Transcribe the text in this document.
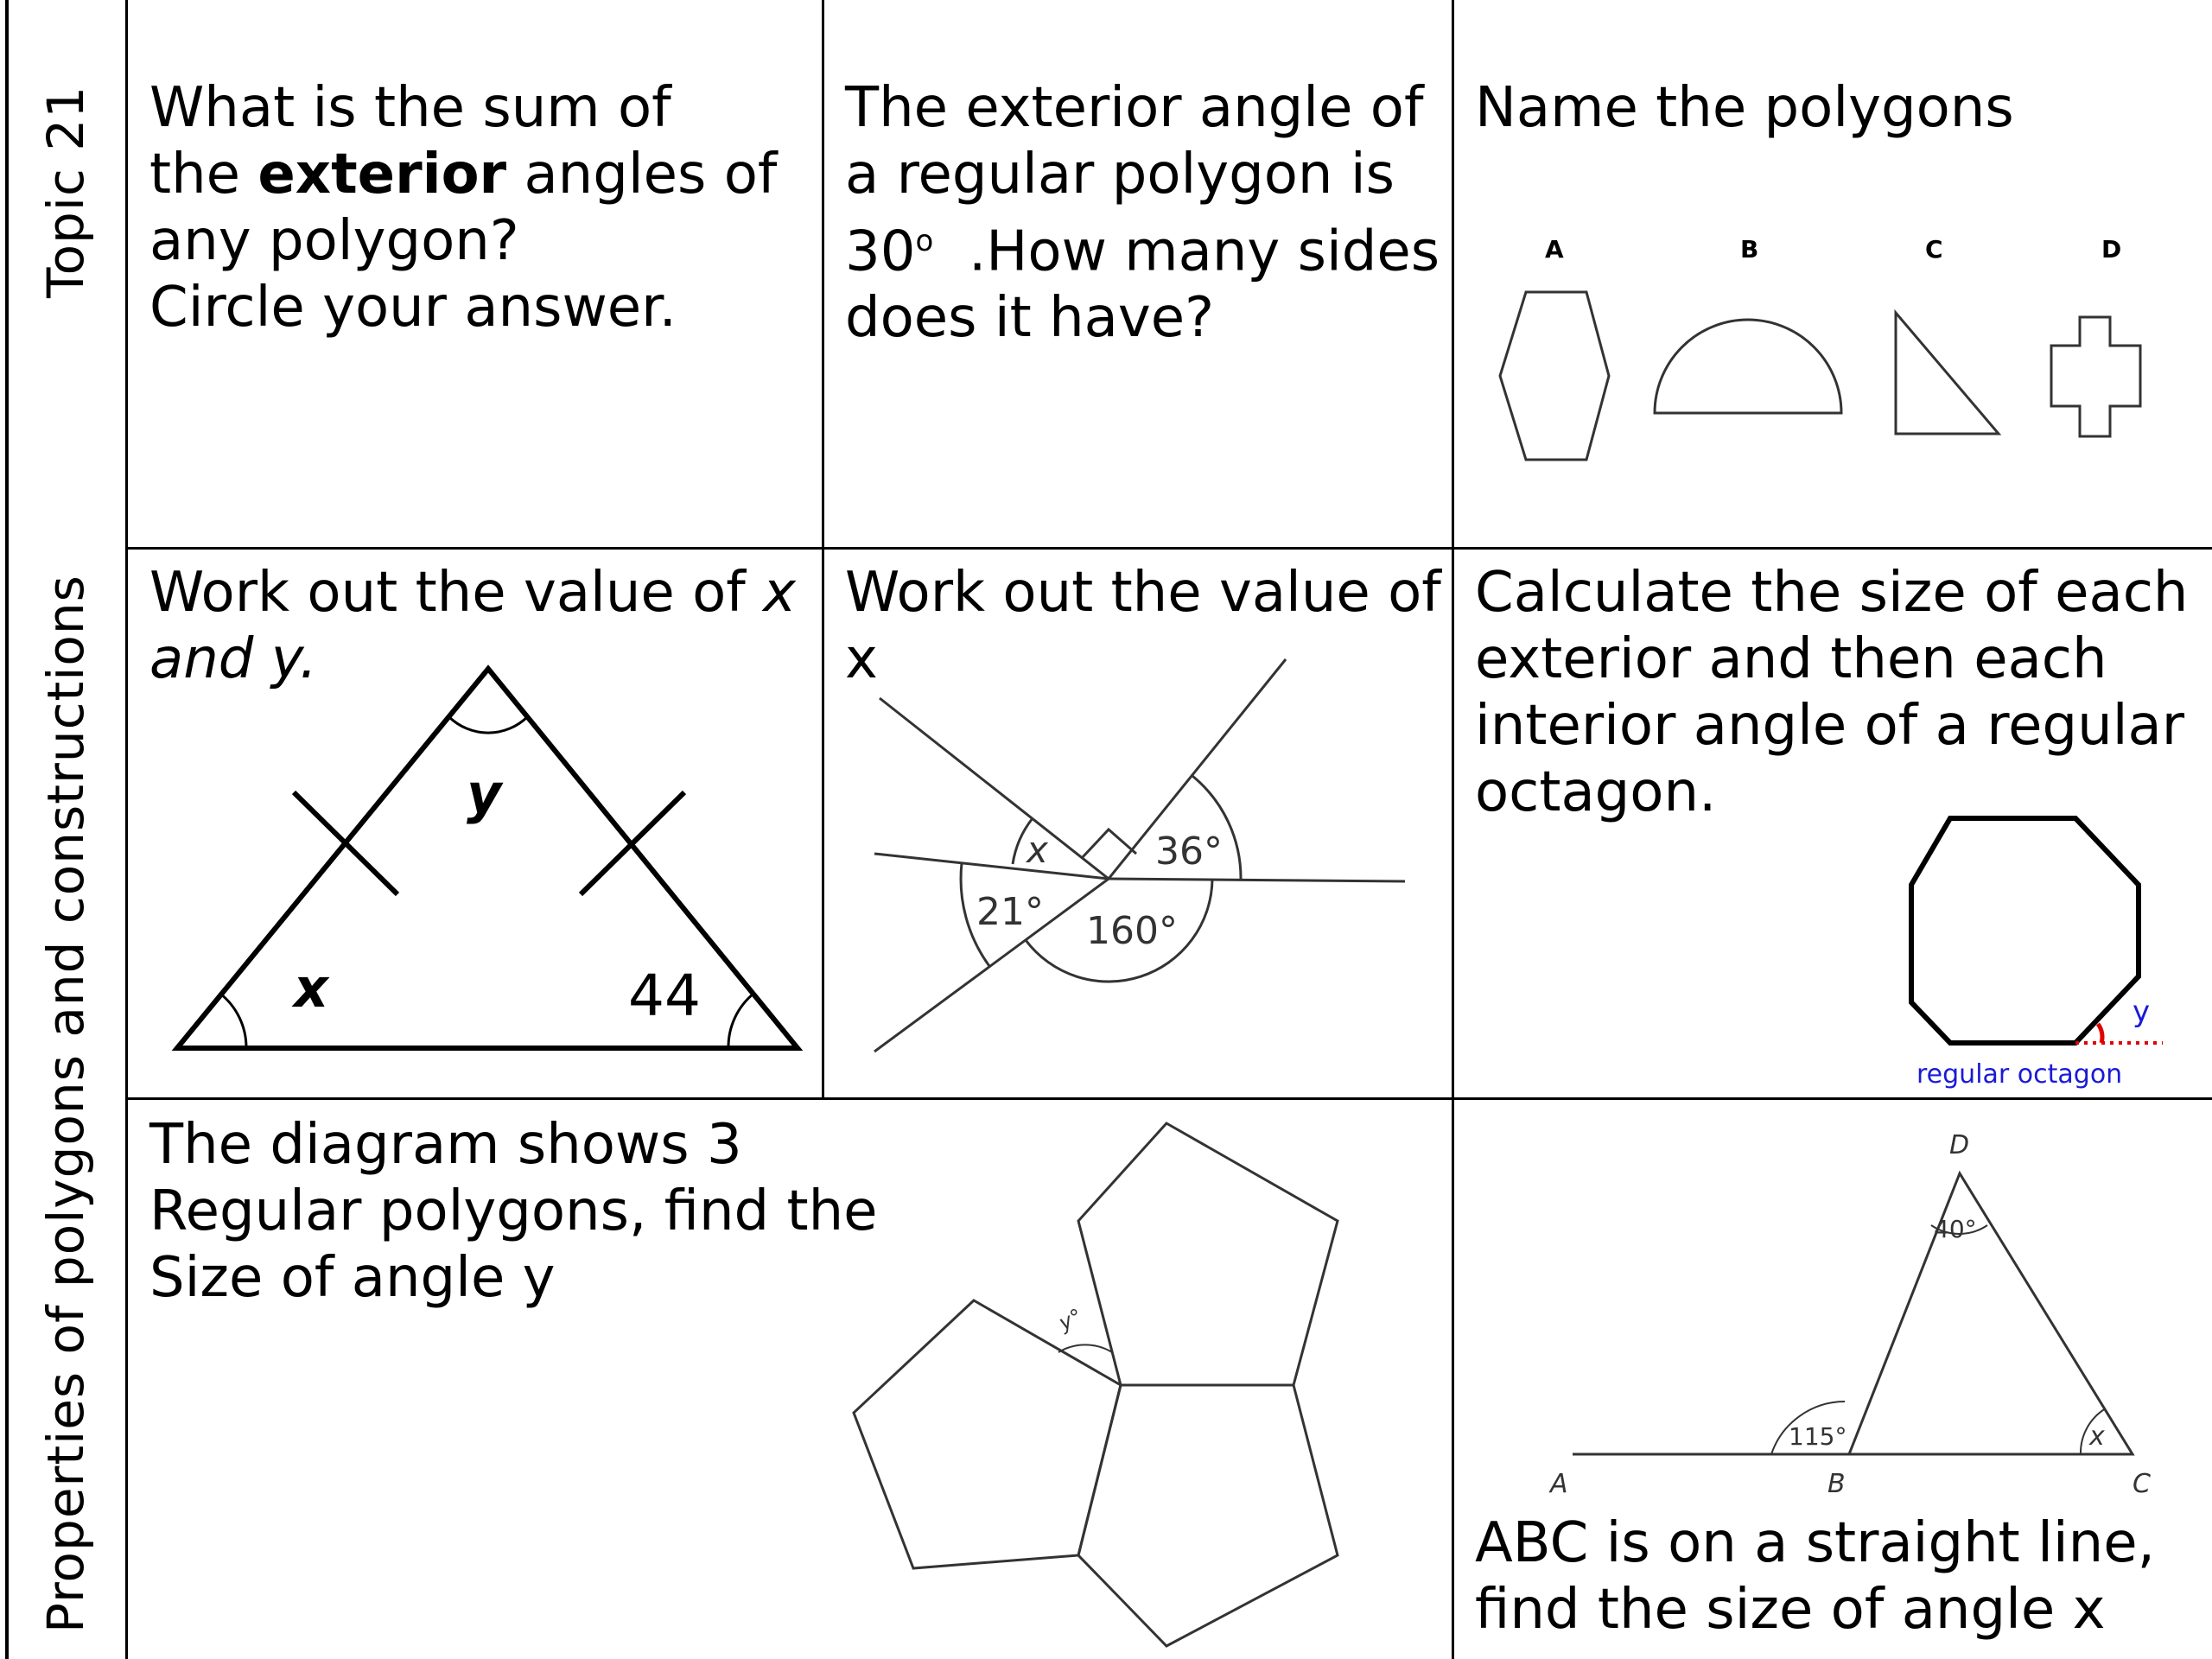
Topic 21
Properties of polygons and constructions
What is the sum of
the exterior angles of
any polygon?
Circle your answer.
The exterior angle of
a regular polygon is
30$^o$  .How many sides
does it have?
Name the polygons
A	B	C	D
Work out the value of x
and y.
y
x	44
Work out the value of
x
x	36°
21° 160°
Calculate the size of each
exterior and then each
interior angle of a regular
octagon.
y
regular octagon
The diagram shows 3
Regular polygons, find the
Size of angle y
y°
D
A	B	C
40°
115°	x
ABC is on a straight line,
find the size of angle x
